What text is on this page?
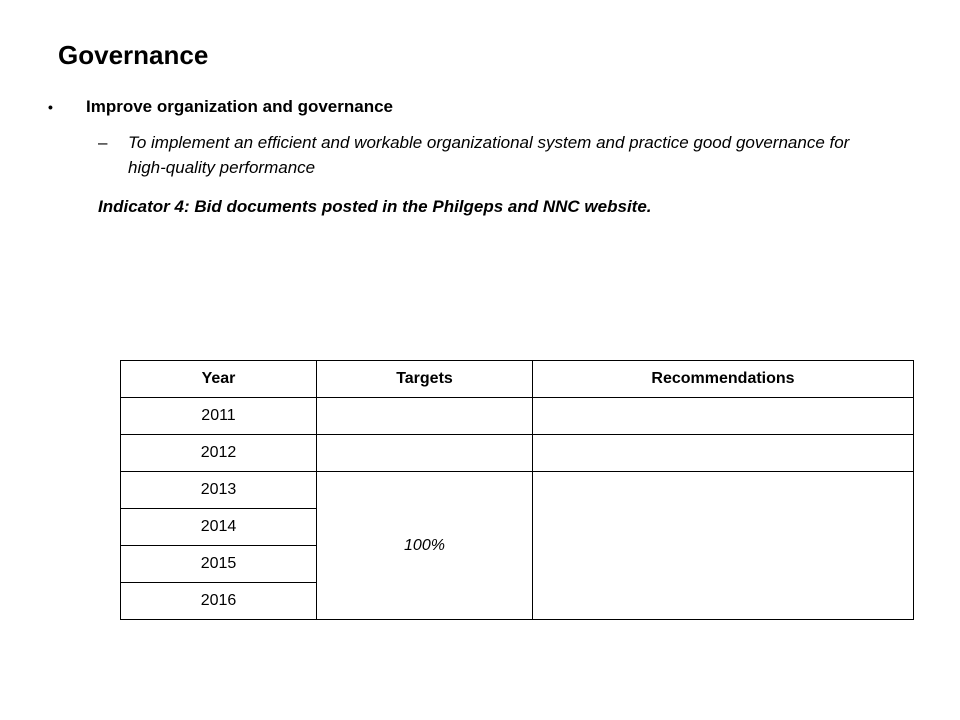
Governance
•	Improve organization and governance
–	To implement an efficient and workable organizational system and practice good governance for high-quality performance
Indicator 4: Bid documents posted in the Philgeps and NNC website.
Year	Targets	Recommendations
2011		
2012		
2013	100%	
2014		
2015		
2016		
